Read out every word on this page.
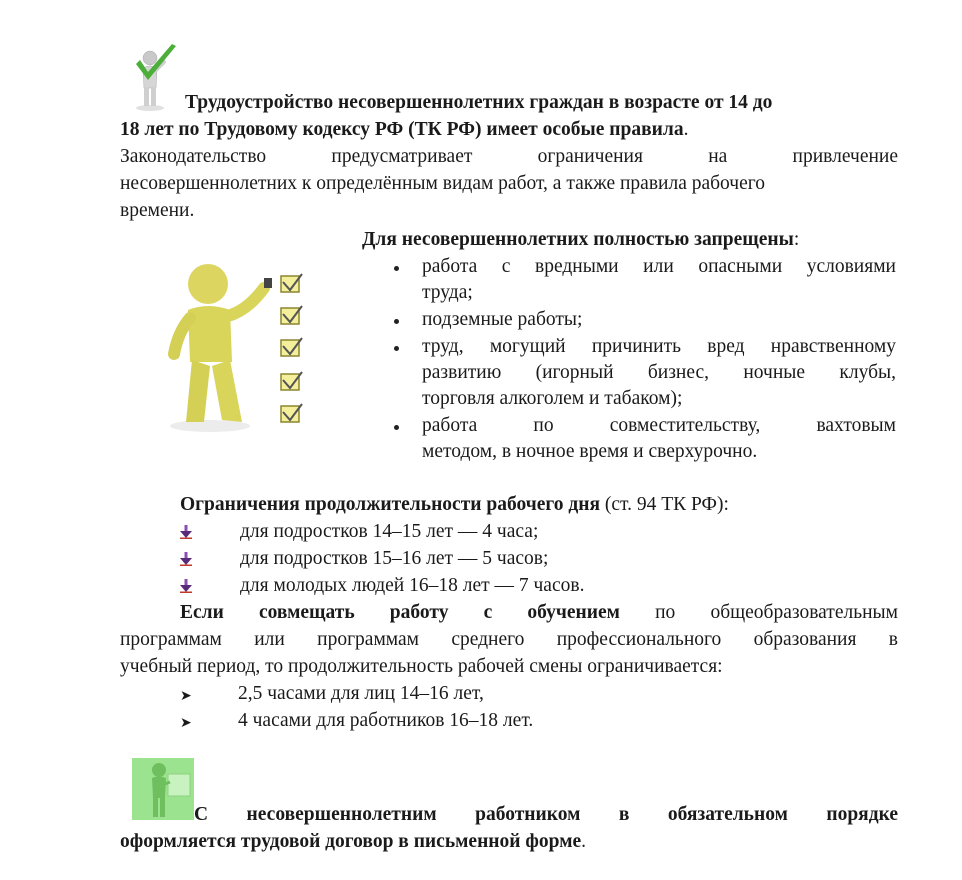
Трудоустройство несовершеннолетних граждан в возрасте от 14 до
18 лет по Трудовому кодексу РФ (ТК РФ) имеет особые правила.
Законодательство предусматривает ограничения на привлечение
несовершеннолетних к определённым видам работ, а также правила рабочего
времени.
Для несовершеннолетних полностью запрещены:
работа с вредными или опасными условиями
труда;
подземные работы;
труд, могущий причинить вред нравственному
развитию (игорный бизнес, ночные клубы,
торговля алкоголем и табаком);
работа по совместительству, вахтовым
методом, в ночное время и сверхурочно.
Ограничения продолжительности рабочего дня (ст. 94 ТК РФ):
для подростков 14–15 лет — 4 часа;
для подростков 15–16 лет — 5 часов;
для молодых людей 16–18 лет — 7 часов.
Если совмещать работу с обучением по общеобразовательным
программам или программам среднего профессионального образования в
учебный период, то продолжительность рабочей смены ограничивается:
➤ 2,5 часами для лиц 14–16 лет,
➤ 4 часами для работников 16–18 лет.
С несовершеннолетним работником в обязательном порядке
оформляется трудовой договор в письменной форме.
